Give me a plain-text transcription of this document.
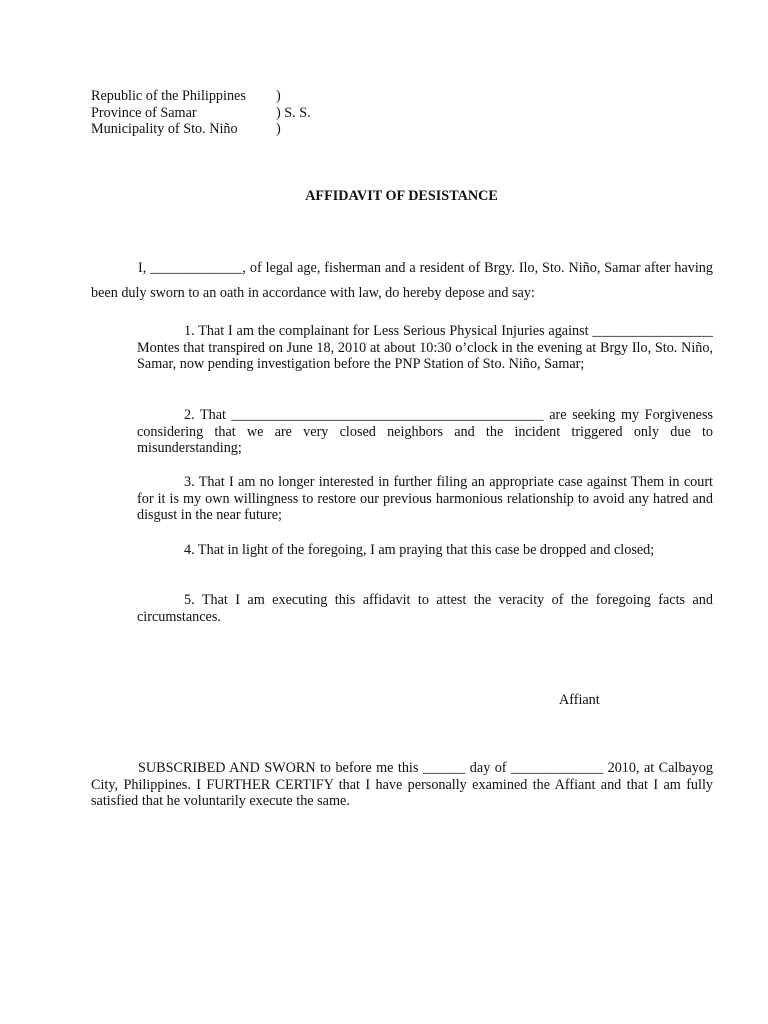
Republic of the Philippines )
Province of Samar	) S. S.
Municipality of Sto. Niño	)
AFFIDAVIT OF DESISTANCE

I, _____________, of legal age, fisherman and a resident of Brgy. Ilo, Sto. Niño, Samar after having been duly sworn to an oath in accordance with law, do hereby depose and say:

1. That I am the complainant for Less Serious Physical Injuries against _________________ Montes that transpired on June 18, 2010 at about 10:30 o’clock in the evening at Brgy Ilo, Sto. Niño, Samar, now pending investigation before the PNP Station of Sto. Niño, Samar;

2. That ____________________________________________ are seeking my Forgiveness considering that we are very closed neighbors and the incident triggered only due to misunderstanding;

3. That I am no longer interested in further filing an appropriate case against Them in court for it is my own willingness to restore our previous harmonious relationship to avoid any hatred and disgust in the near future;

4. That in light of the foregoing, I am praying that this case be dropped and closed;

5. That I am executing this affidavit to attest the veracity of the foregoing facts and circumstances.

Affiant

SUBSCRIBED AND SWORN to before me this ______ day of _____________ 2010, at Calbayog City, Philippines. I FURTHER CERTIFY that I have personally examined the Affiant and that I am fully satisfied that he voluntarily execute the same.
